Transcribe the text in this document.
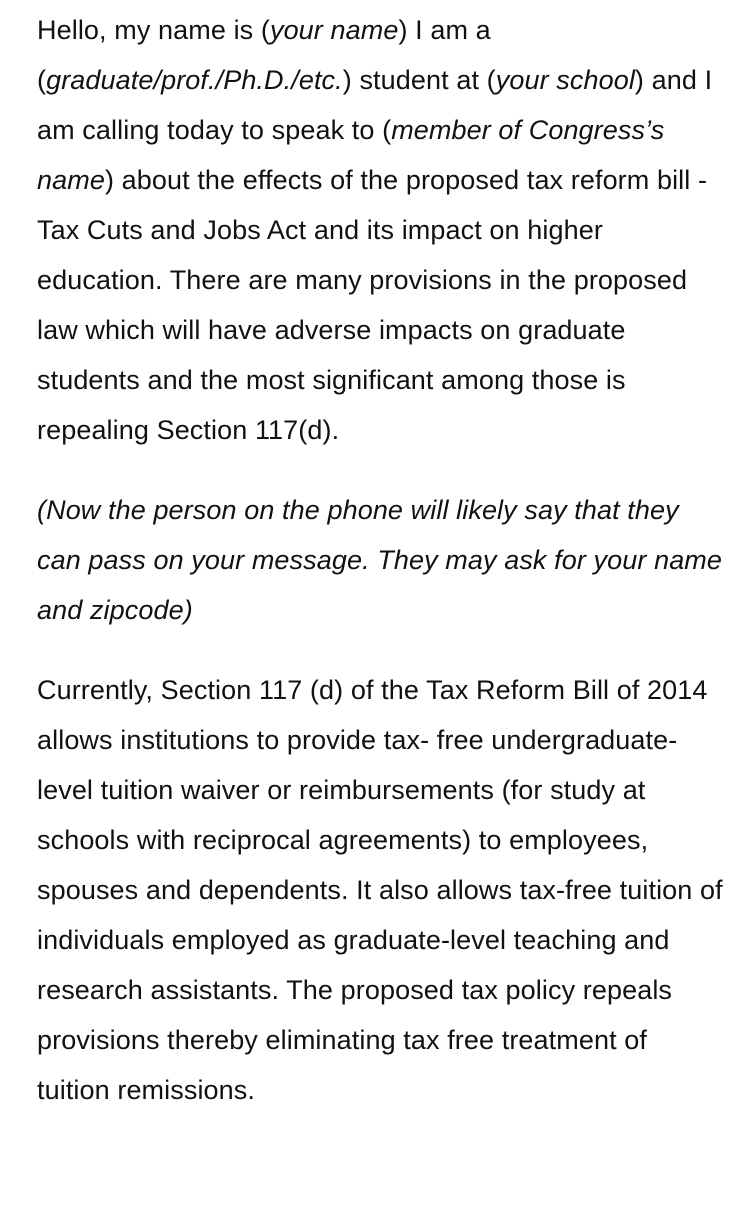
Hello, my name is (your name) I am a (graduate/prof./Ph.D./etc.) student at (your school) and I am calling today to speak to (member of Congress’s name) about the effects of the proposed tax reform bill - Tax Cuts and Jobs Act and its impact on higher education. There are many provisions in the proposed law which will have adverse impacts on graduate students and the most significant among those is repealing Section 117(d).

(Now the person on the phone will likely say that they can pass on your message. They may ask for your name and zipcode)

Currently, Section 117 (d) of the Tax Reform Bill of 2014 allows institutions to provide tax- free undergraduate-level tuition waiver or reimbursements (for study at schools with reciprocal agreements) to employees, spouses and dependents. It also allows tax-free tuition of individuals employed as graduate-level teaching and research assistants. The proposed tax policy repeals provisions thereby eliminating tax free treatment of tuition remissions.
